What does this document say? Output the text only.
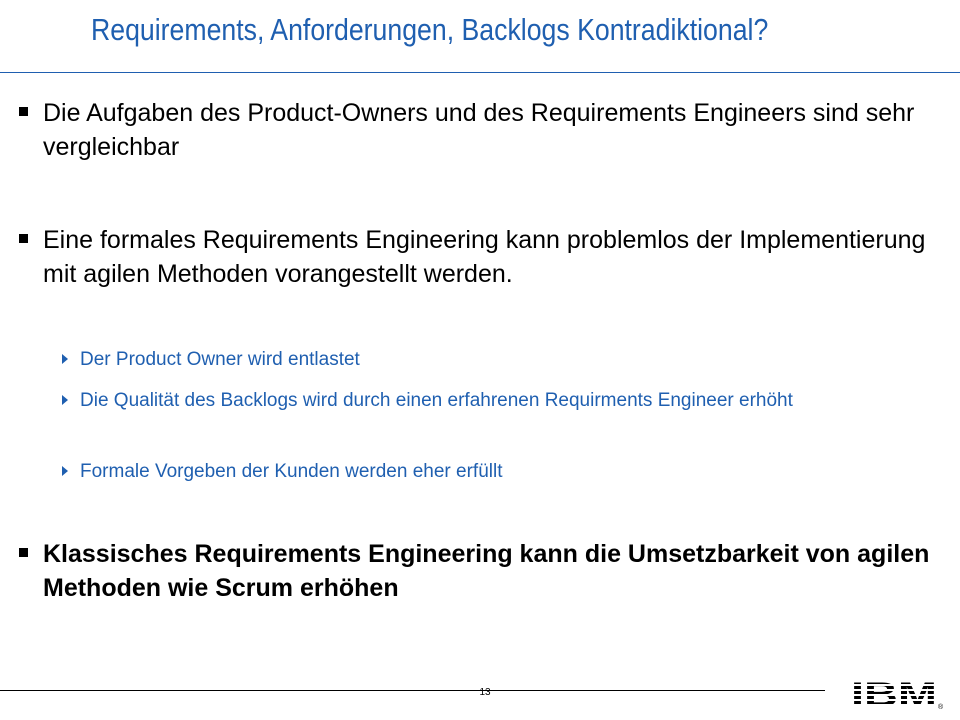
Requirements, Anforderungen, Backlogs Kontradiktional?
Die Aufgaben des Product-Owners und des Requirements Engineers sind sehr vergleichbar
Eine formales Requirements Engineering kann problemlos der Implementierung mit agilen Methoden vorangestellt werden.
Der Product Owner wird entlastet
Die Qualität des Backlogs wird durch einen erfahrenen Requirments Engineer erhöht
Formale Vorgeben der Kunden werden eher erfüllt
Klassisches Requirements Engineering kann die Umsetzbarkeit von agilen Methoden wie Scrum erhöhen
13	IBM ®
